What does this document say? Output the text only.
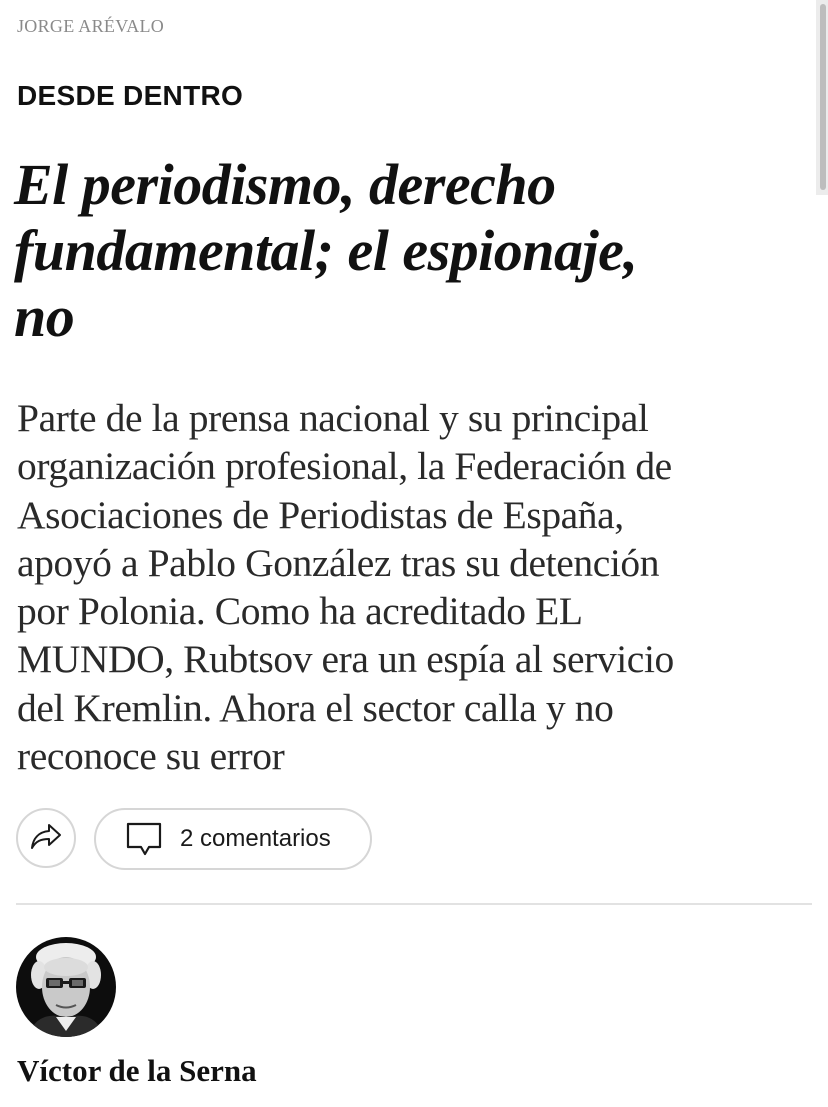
JORGE ARÉVALO
DESDE DENTRO
El periodismo, derecho
fundamental; el espionaje,
no

Parte de la prensa nacional y su principal
organización profesional, la Federación de
Asociaciones de Periodistas de España,
apoyó a Pablo González tras su detención
por Polonia. Como ha acreditado EL
MUNDO, Rubtsov era un espía al servicio
del Kremlin. Ahora el sector calla y no
reconoce su error

2 comentarios
Víctor de la Serna
